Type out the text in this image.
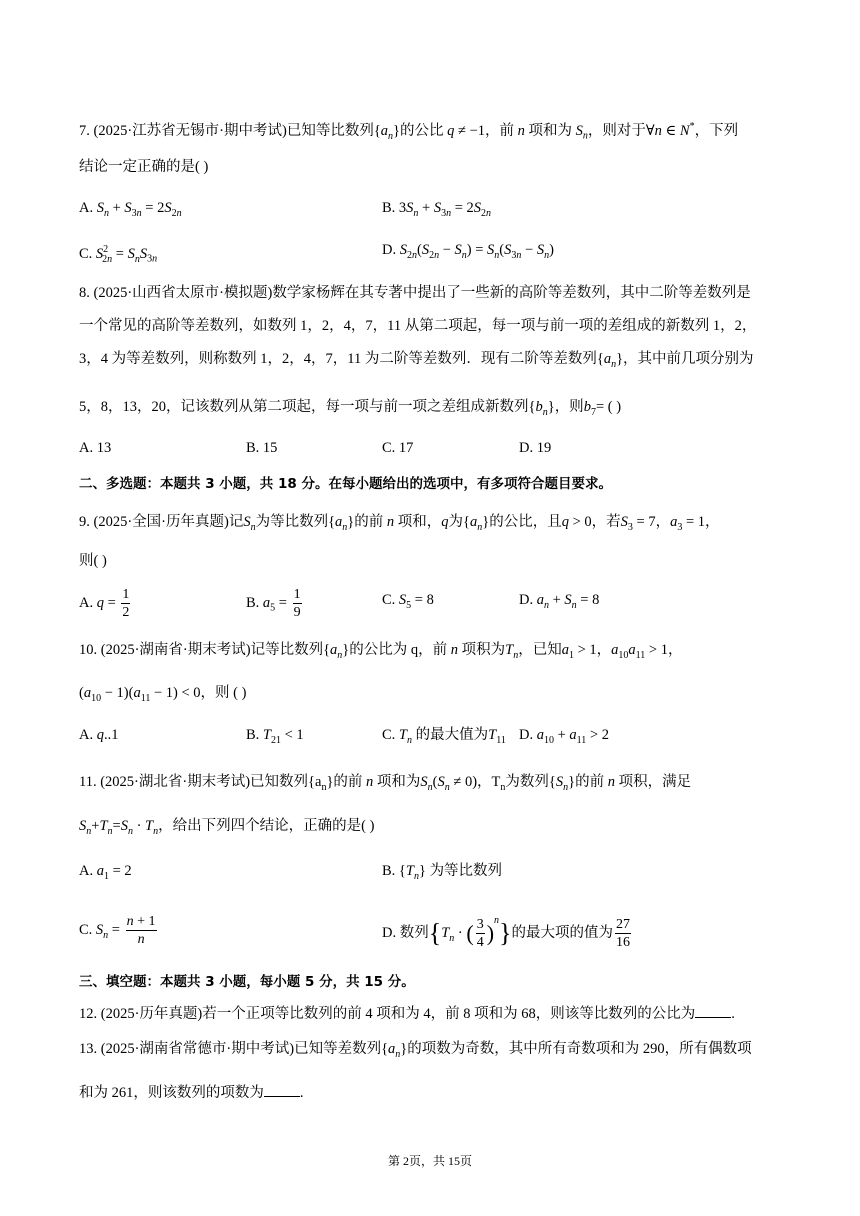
7. (2025·江苏省无锡市·期中考试)已知等比数列$\{a_n\}$的公比 q ≠ −1，前 n 项和为 $S_n$，则对于∀n ∈ N*，下列
结论一定正确的是( )
A. $S_n + S_{3n} = 2S_{2n}$	B. $3S_n + S_{3n} = 2S_{2n}$
C. $S^2_{2n} = S_nS_{3n}$
D. $S_{2n}(S_{2n} - S_n) = S_n(S_{3n} - S_n)$
8. (2025·山西省太原市·模拟题)数学家杨辉在其专著中提出了一些新的高阶等差数列，其中二阶等差数列是
一个常见的高阶等差数列，如数列 1，2，4，7，11 从第二项起，每一项与前一项的差组成的新数列 1，2，
3，4 为等差数列，则称数列 1，2，4，7，11 为二阶等差数列．现有二阶等差数列$\{a_n\}$，其中前几项分别为
5，8，13，20，记该数列从第二项起，每一项与前一项之差组成新数列$\{b_n\}$，则$b_7=$ ( )
A. 13	B. 15	C. 17	D. 19
二、多选题：本题共 3 小题，共 18 分。在每小题给出的选项中，有多项符合题目要求。
9. (2025·全国·历年真题)记$S_n$为等比数列$\{a_n\}$的前 n 项和，q为$\{a_n\}$的公比，且q > 0，若$S_3 = 7$，$a_3 = 1$，
则( )
A. $q = \frac{1}{2}$	B. $a_5 = \frac{1}{9}$	C. $S_5 = 8$	D. $a_n + S_n = 8$
10. (2025·湖南省·期末考试)记等比数列$\{a_n\}$的公比为 q，前 n 项积为$T_n$，已知$a_1 > 1$，$a_{10}a_{11} > 1$，
$(a_{10} - 1)(a_{11} - 1) < 0$，则 ( )
A. q..1	B. $T_{21} < 1$	C. $T_n$ 的最大值为$T_{11}$ D. $a_{10} + a_{11} > 2$
11. (2025·湖北省·期末考试)已知数列$\{a_n\}$的前 n 项和为$S_n(S_n \ne 0)$，$T_n$为数列$\{S_n\}$的前 n 项积，满足
$S_n+T_n=S_n \cdot T_n$，给出下列四个结论，正确的是( )
A. $a_1 = 2$	B. $\{T_n\}$ 为等比数列
C. $S_n = \frac{n + 1}{n}$	D. 数列{$T_n$ · ( $\frac{3}{4} )^n$}的最大项的值为 $\frac{27}{16}$
三、填空题：本题共 3 小题，每小题 5 分，共 15 分。
12. (2025·历年真题)若一个正项等比数列的前 4 项和为 4，前 8 项和为 68，则该等比数列的公比为 .
13. (2025·湖南省常德市·期中考试)已知等差数列$\{a_n\}$的项数为奇数，其中所有奇数项和为 290，所有偶数项
和为 261，则该数列的项数为 .
第 2页，共 15页
